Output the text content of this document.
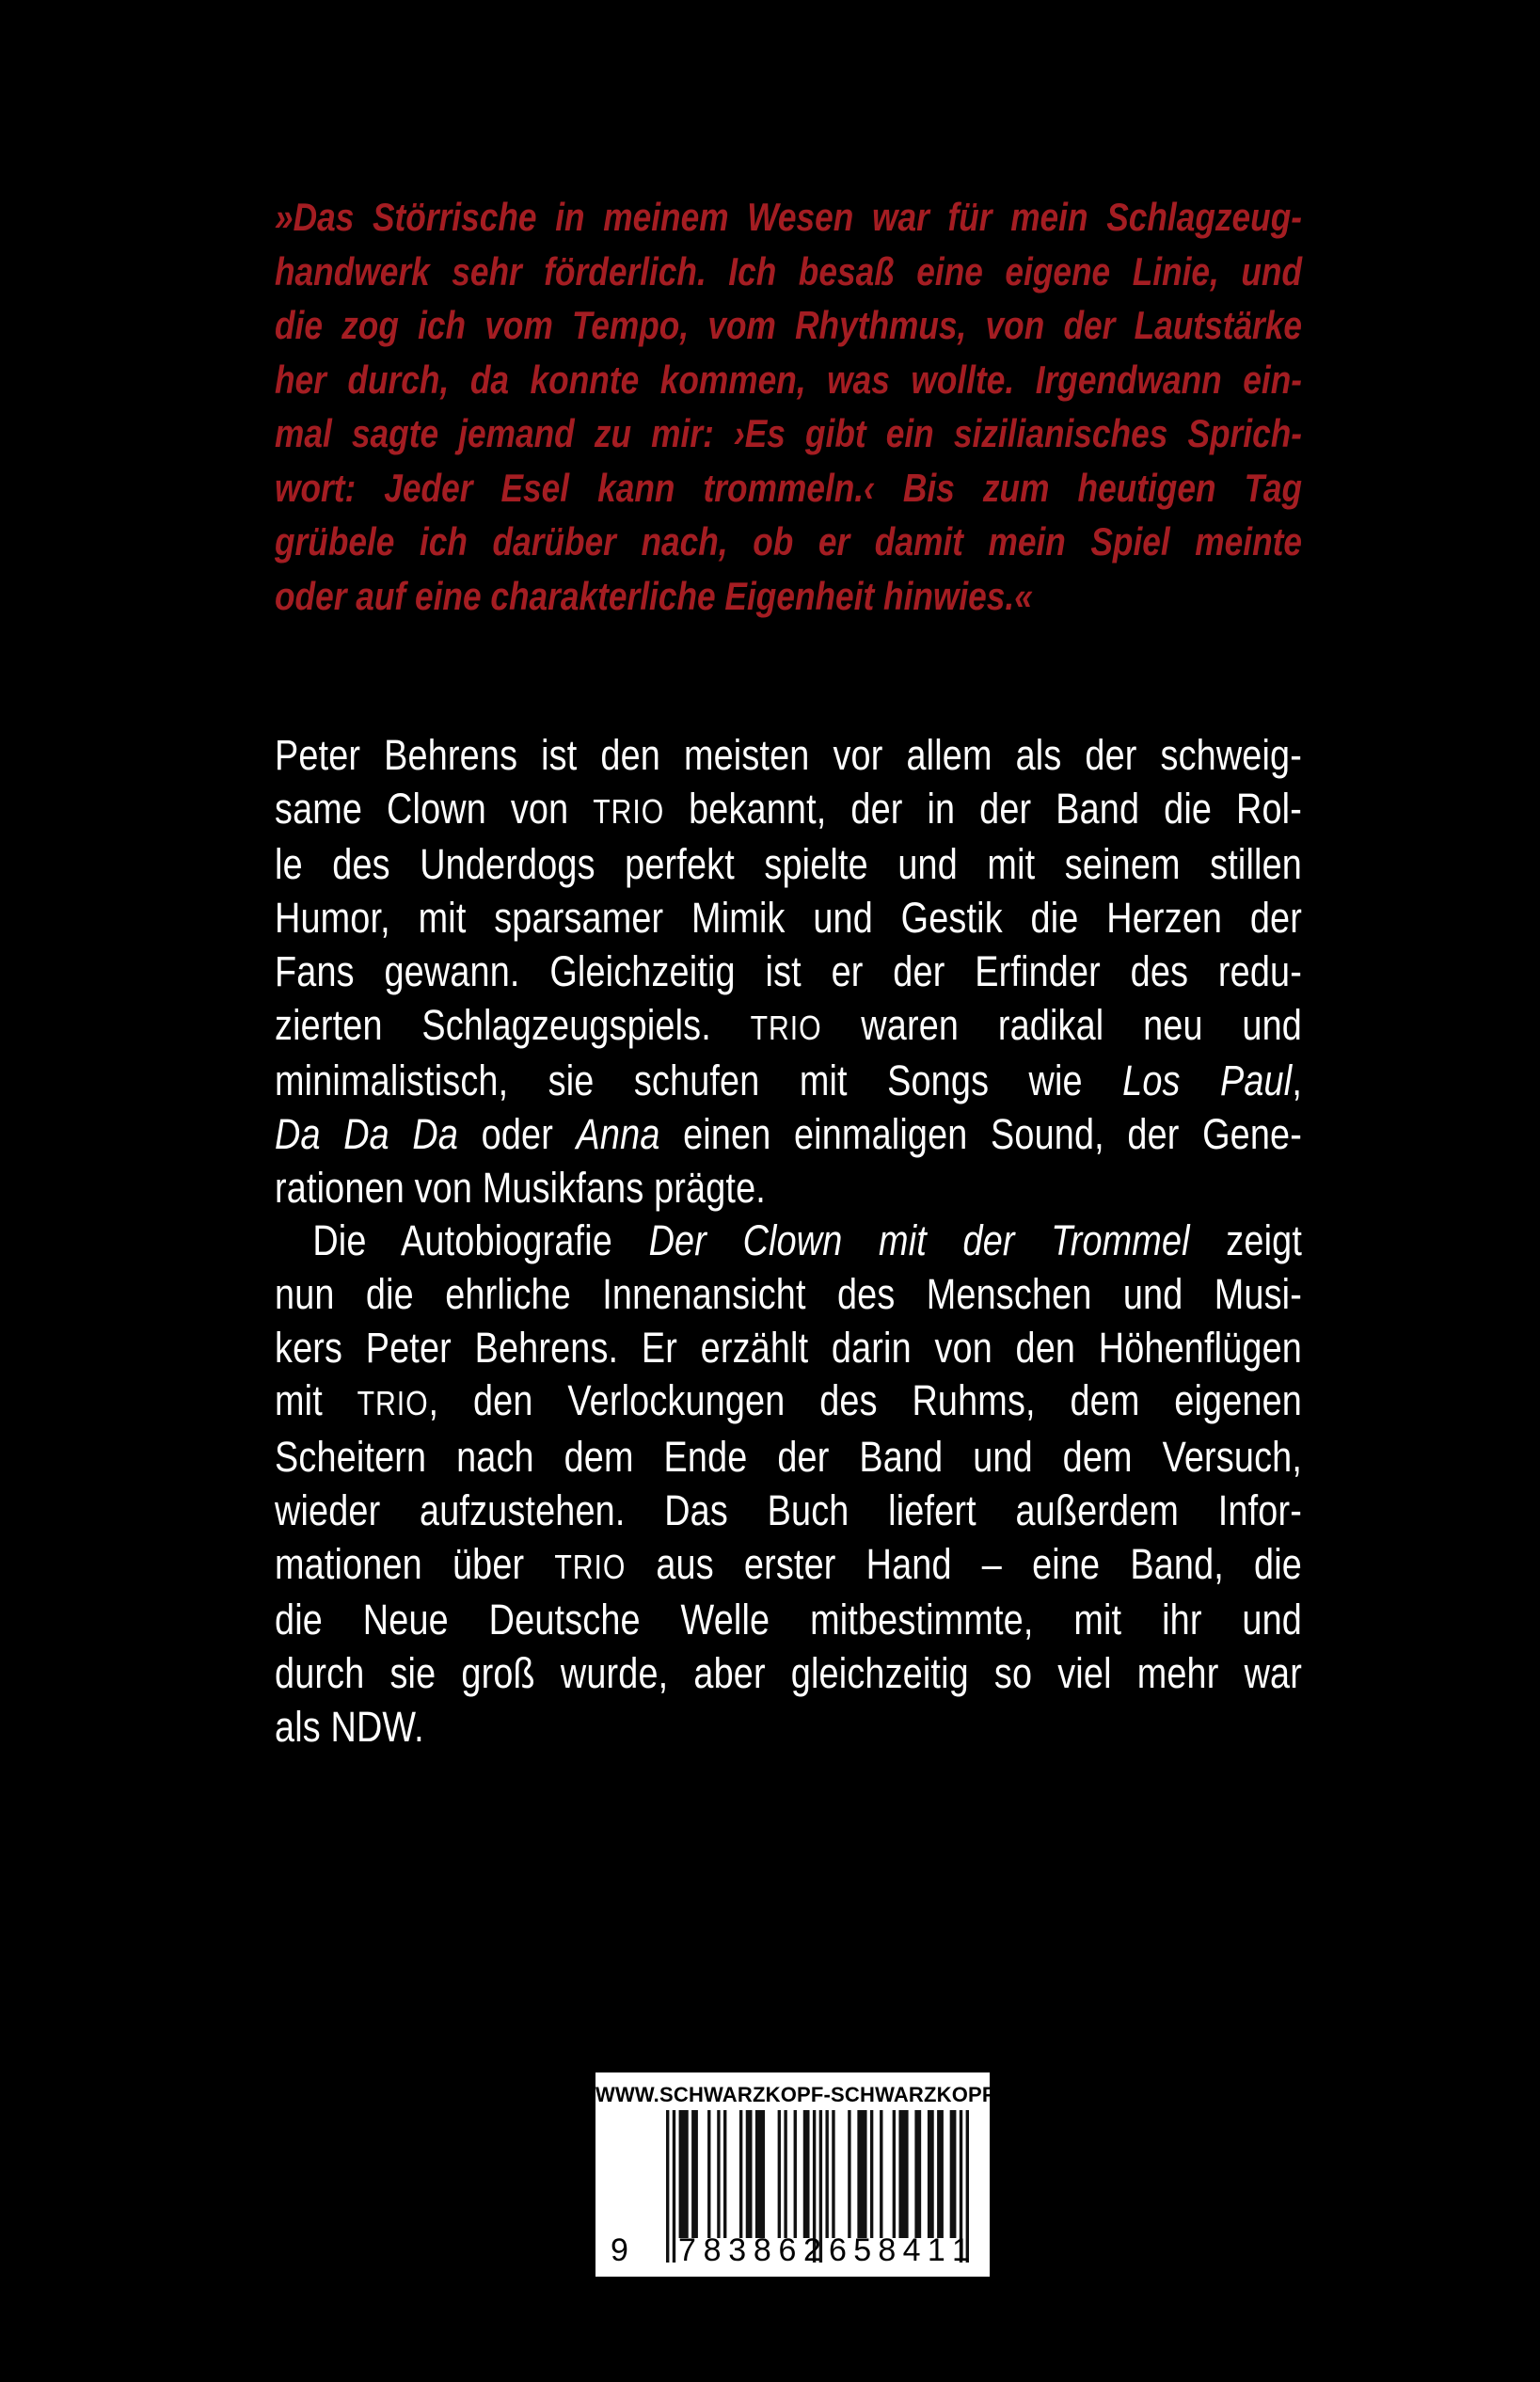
»Das Störrische in meinem Wesen war für mein Schlagzeug-
handwerk sehr förderlich. Ich besaß eine eigene Linie, und
die zog ich vom Tempo, vom Rhythmus, von der Lautstärke
her durch, da konnte kommen, was wollte. Irgendwann ein-
mal sagte jemand zu mir: ›Es gibt ein sizilianisches Sprich-
wort: Jeder Esel kann trommeln.‹ Bis zum heutigen Tag
grübele ich darüber nach, ob er damit mein Spiel meinte
oder auf eine charakterliche Eigenheit hinwies.«
Peter Behrens ist den meisten vor allem als der schweig-
same Clown von TRIO bekannt, der in der Band die Rol-
le des Underdogs perfekt spielte und mit seinem stillen
Humor, mit sparsamer Mimik und Gestik die Herzen der
Fans gewann. Gleichzeitig ist er der Erfinder des redu-
zierten Schlagzeugspiels. TRIO waren radikal neu und
minimalistisch, sie schufen mit Songs wie Los Paul,
Da Da Da oder Anna einen einmaligen Sound, der Gene-
rationen von Musikfans prägte.
Die Autobiografie Der Clown mit der Trommel zeigt
nun die ehrliche Innenansicht des Menschen und Musi-
kers Peter Behrens. Er erzählt darin von den Höhenflügen
mit TRIO, den Verlockungen des Ruhms, dem eigenen
Scheitern nach dem Ende der Band und dem Versuch,
wieder aufzustehen. Das Buch liefert außerdem Infor-
mationen über TRIO aus erster Hand – eine Band, die
die Neue Deutsche Welle mitbestimmte, mit ihr und
durch sie groß wurde, aber gleichzeitig so viel mehr war
als NDW.
WWW.SCHWARZKOPF-SCHWARZKOPF.DE
9 7 8 3 8 6 2 6 5 8 4 1 1
